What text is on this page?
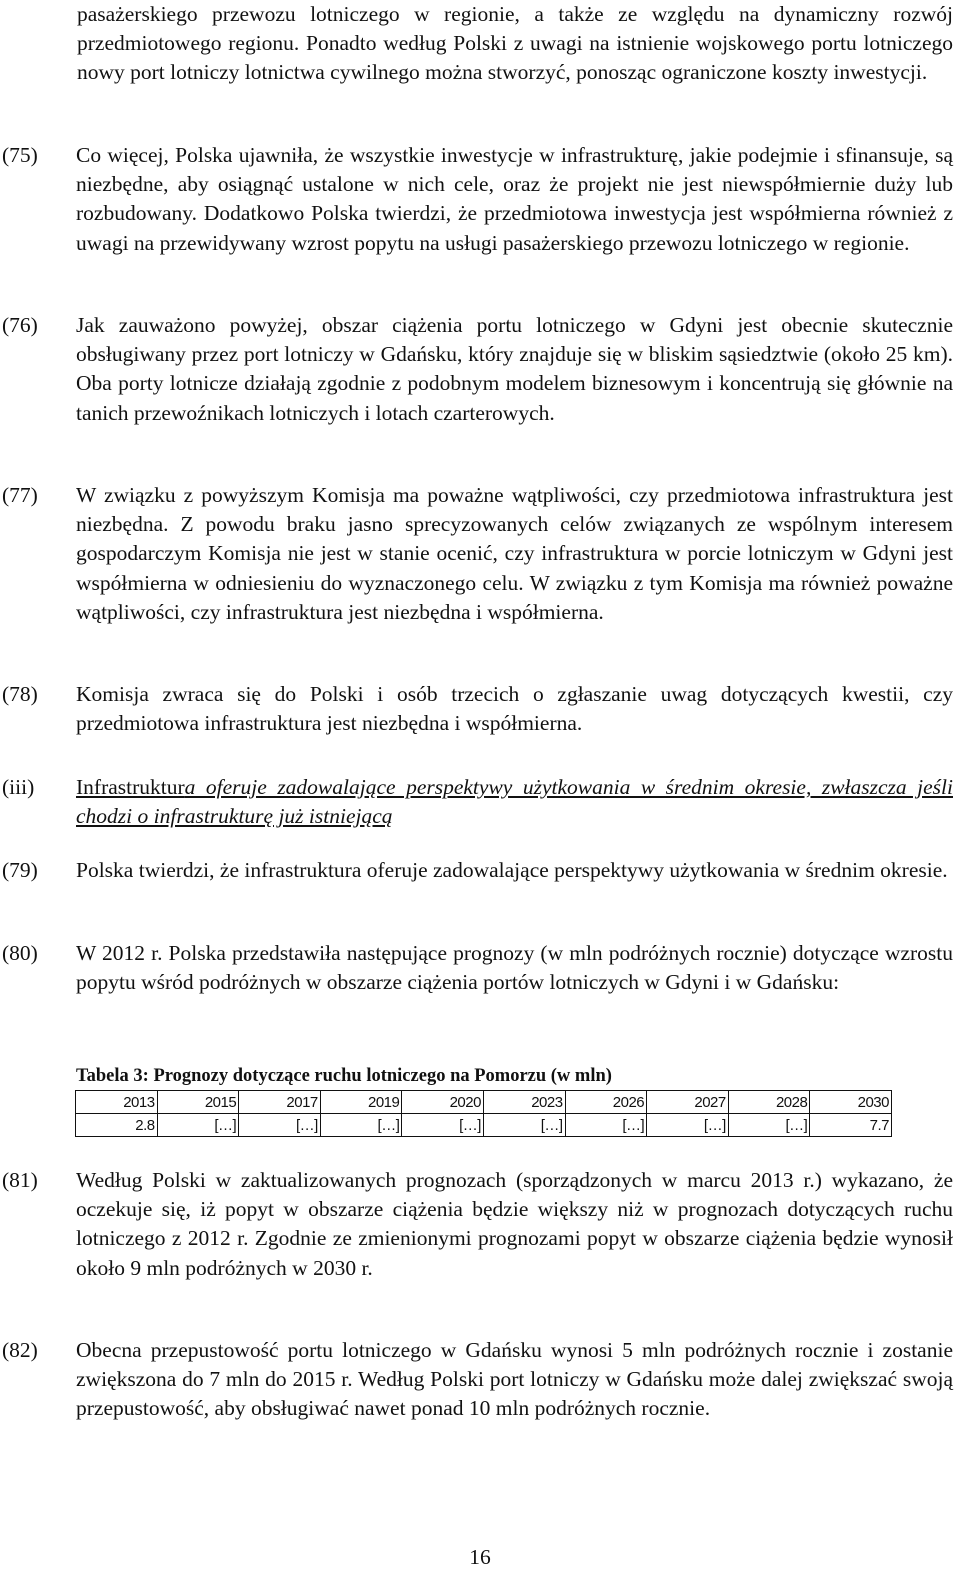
pasażerskiego przewozu lotniczego w regionie, a także ze względu na dynamiczny rozwój przedmiotowego regionu. Ponadto według Polski z uwagi na istnienie wojskowego portu lotniczego nowy port lotniczy lotnictwa cywilnego można stworzyć, ponosząc ograniczone koszty inwestycji.
(75) Co więcej, Polska ujawniła, że wszystkie inwestycje w infrastrukturę, jakie podejmie i sfinansuje, są niezbędne, aby osiągnąć ustalone w nich cele, oraz że projekt nie jest niewspółmiernie duży lub rozbudowany. Dodatkowo Polska twierdzi, że przedmiotowa inwestycja jest współmierna również z uwagi na przewidywany wzrost popytu na usługi pasażerskiego przewozu lotniczego w regionie.
(76) Jak zauważono powyżej, obszar ciążenia portu lotniczego w Gdyni jest obecnie skutecznie obsługiwany przez port lotniczy w Gdańsku, który znajduje się w bliskim sąsiedztwie (około 25 km). Oba porty lotnicze działają zgodnie z podobnym modelem biznesowym i koncentrują się głównie na tanich przewoźnikach lotniczych i lotach czarterowych.
(77) W związku z powyższym Komisja ma poważne wątpliwości, czy przedmiotowa infrastruktura jest niezbędna. Z powodu braku jasno sprecyzowanych celów związanych ze wspólnym interesem gospodarczym Komisja nie jest w stanie ocenić, czy infrastruktura w porcie lotniczym w Gdyni jest współmierna w odniesieniu do wyznaczonego celu. W związku z tym Komisja ma również poważne wątpliwości, czy infrastruktura jest niezbędna i współmierna.
(78) Komisja zwraca się do Polski i osób trzecich o zgłaszanie uwag dotyczących kwestii, czy przedmiotowa infrastruktura jest niezbędna i współmierna.
(iii) Infrastruktura oferuje zadowalające perspektywy użytkowania w średnim okresie, zwłaszcza jeśli chodzi o infrastrukturę już istniejącą
(79) Polska twierdzi, że infrastruktura oferuje zadowalające perspektywy użytkowania w średnim okresie.
(80) W 2012 r. Polska przedstawiła następujące prognozy (w mln podróżnych rocznie) dotyczące wzrostu popytu wśród podróżnych w obszarze ciążenia portów lotniczych w Gdyni i w Gdańsku:
Tabela 3: Prognozy dotyczące ruchu lotniczego na Pomorzu (w mln)
2013	2015	2017	2019	2020	2023	2026	2027	2028	2030
2.8	[…]	[…]	[…]	[…]	[…]	[…]	[…]	[…]	7.7
(81) Według Polski w zaktualizowanych prognozach (sporządzonych w marcu 2013 r.) wykazano, że oczekuje się, iż popyt w obszarze ciążenia będzie większy niż w prognozach dotyczących ruchu lotniczego z 2012 r. Zgodnie ze zmienionymi prognozami popyt w obszarze ciążenia będzie wynosił około 9 mln podróżnych w 2030 r.
(82) Obecna przepustowość portu lotniczego w Gdańsku wynosi 5 mln podróżnych rocznie i zostanie zwiększona do 7 mln do 2015 r. Według Polski port lotniczy w Gdańsku może dalej zwiększać swoją przepustowość, aby obsługiwać nawet ponad 10 mln podróżnych rocznie.
16
